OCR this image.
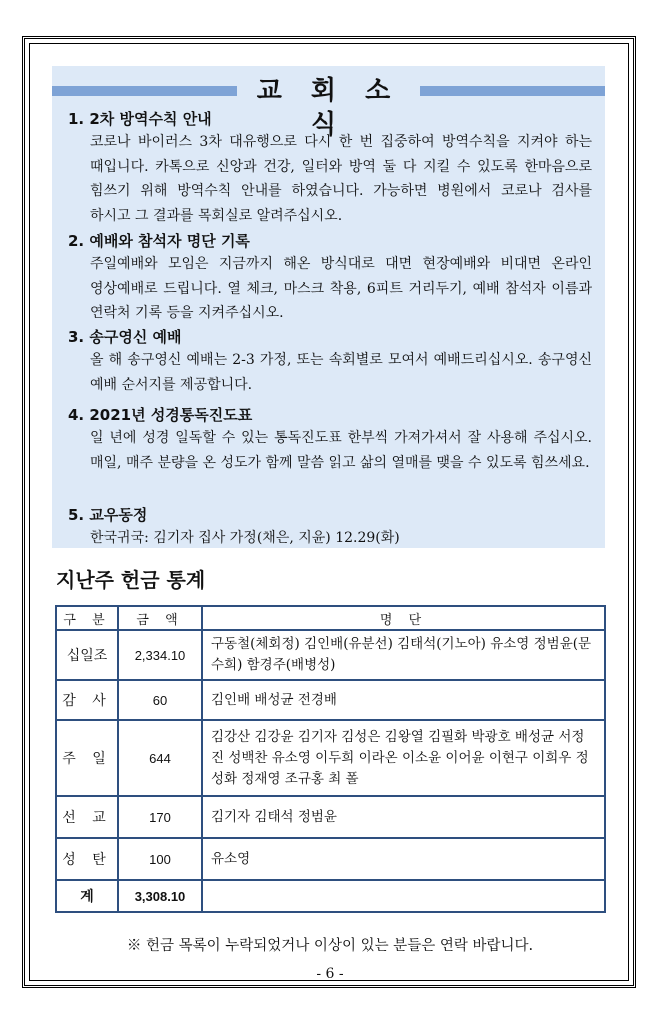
교 회 소 식
1. 2차 방역수칙 안내
코로나 바이러스 3차 대유행으로 다시 한 번 집중하여 방역수칙을 지켜야 하는 때입니다. 카톡으로 신앙과 건강, 일터와 방역 둘 다 지킬 수 있도록 한마음으로 힘쓰기 위해 방역수칙 안내를 하였습니다. 가능하면 병원에서 코로나 검사를 하시고 그 결과를 목회실로 알려주십시오.
2. 예배와 참석자 명단 기록
주일예배와 모임은 지금까지 해온 방식대로 대면 현장예배와 비대면 온라인 영상예배로 드립니다. 열 체크, 마스크 착용, 6피트 거리두기, 예배 참석자 이름과 연락처 기록 등을 지켜주십시오.
3. 송구영신 예배
올 해 송구영신 예배는 2-3 가정, 또는 속회별로 모여서 예배드리십시오. 송구영신 예배 순서지를 제공합니다.
4. 2021년 성경통독진도표
일 년에 성경 일독할 수 있는 통독진도표 한부씩 가져가셔서 잘 사용해 주십시오. 매일, 매주 분량을 온 성도가 함께 말씀 읽고 삶의 열매를 맺을 수 있도록 힘쓰세요.
5. 교우동정
한국귀국: 김기자 집사 가정(채은, 지윤) 12.29(화)
지난주 헌금 통계
구 분	금 액	명 단
십일조	2,334.10	구동철(체회정) 김인배(유분선) 김태석(기노아) 유소영 정범윤(문수희) 함경주(배병성)
감 사	60	김인배 배성균 전경배
주 일	644	김강산 김강윤 김기자 김성은 김왕열 김필화 박광호 배성균 서정진 성백찬 유소영 이두희 이라온 이소윤 이어윤 이현구 이희우 정성화 정재영 조규홍 최 폴
선 교	170	김기자 김태석 정범윤
성 탄	100	유소영
계	3,308.10	
※ 헌금 목록이 누락되었거나 이상이 있는 분들은 연락 바랍니다.
- 6 -
